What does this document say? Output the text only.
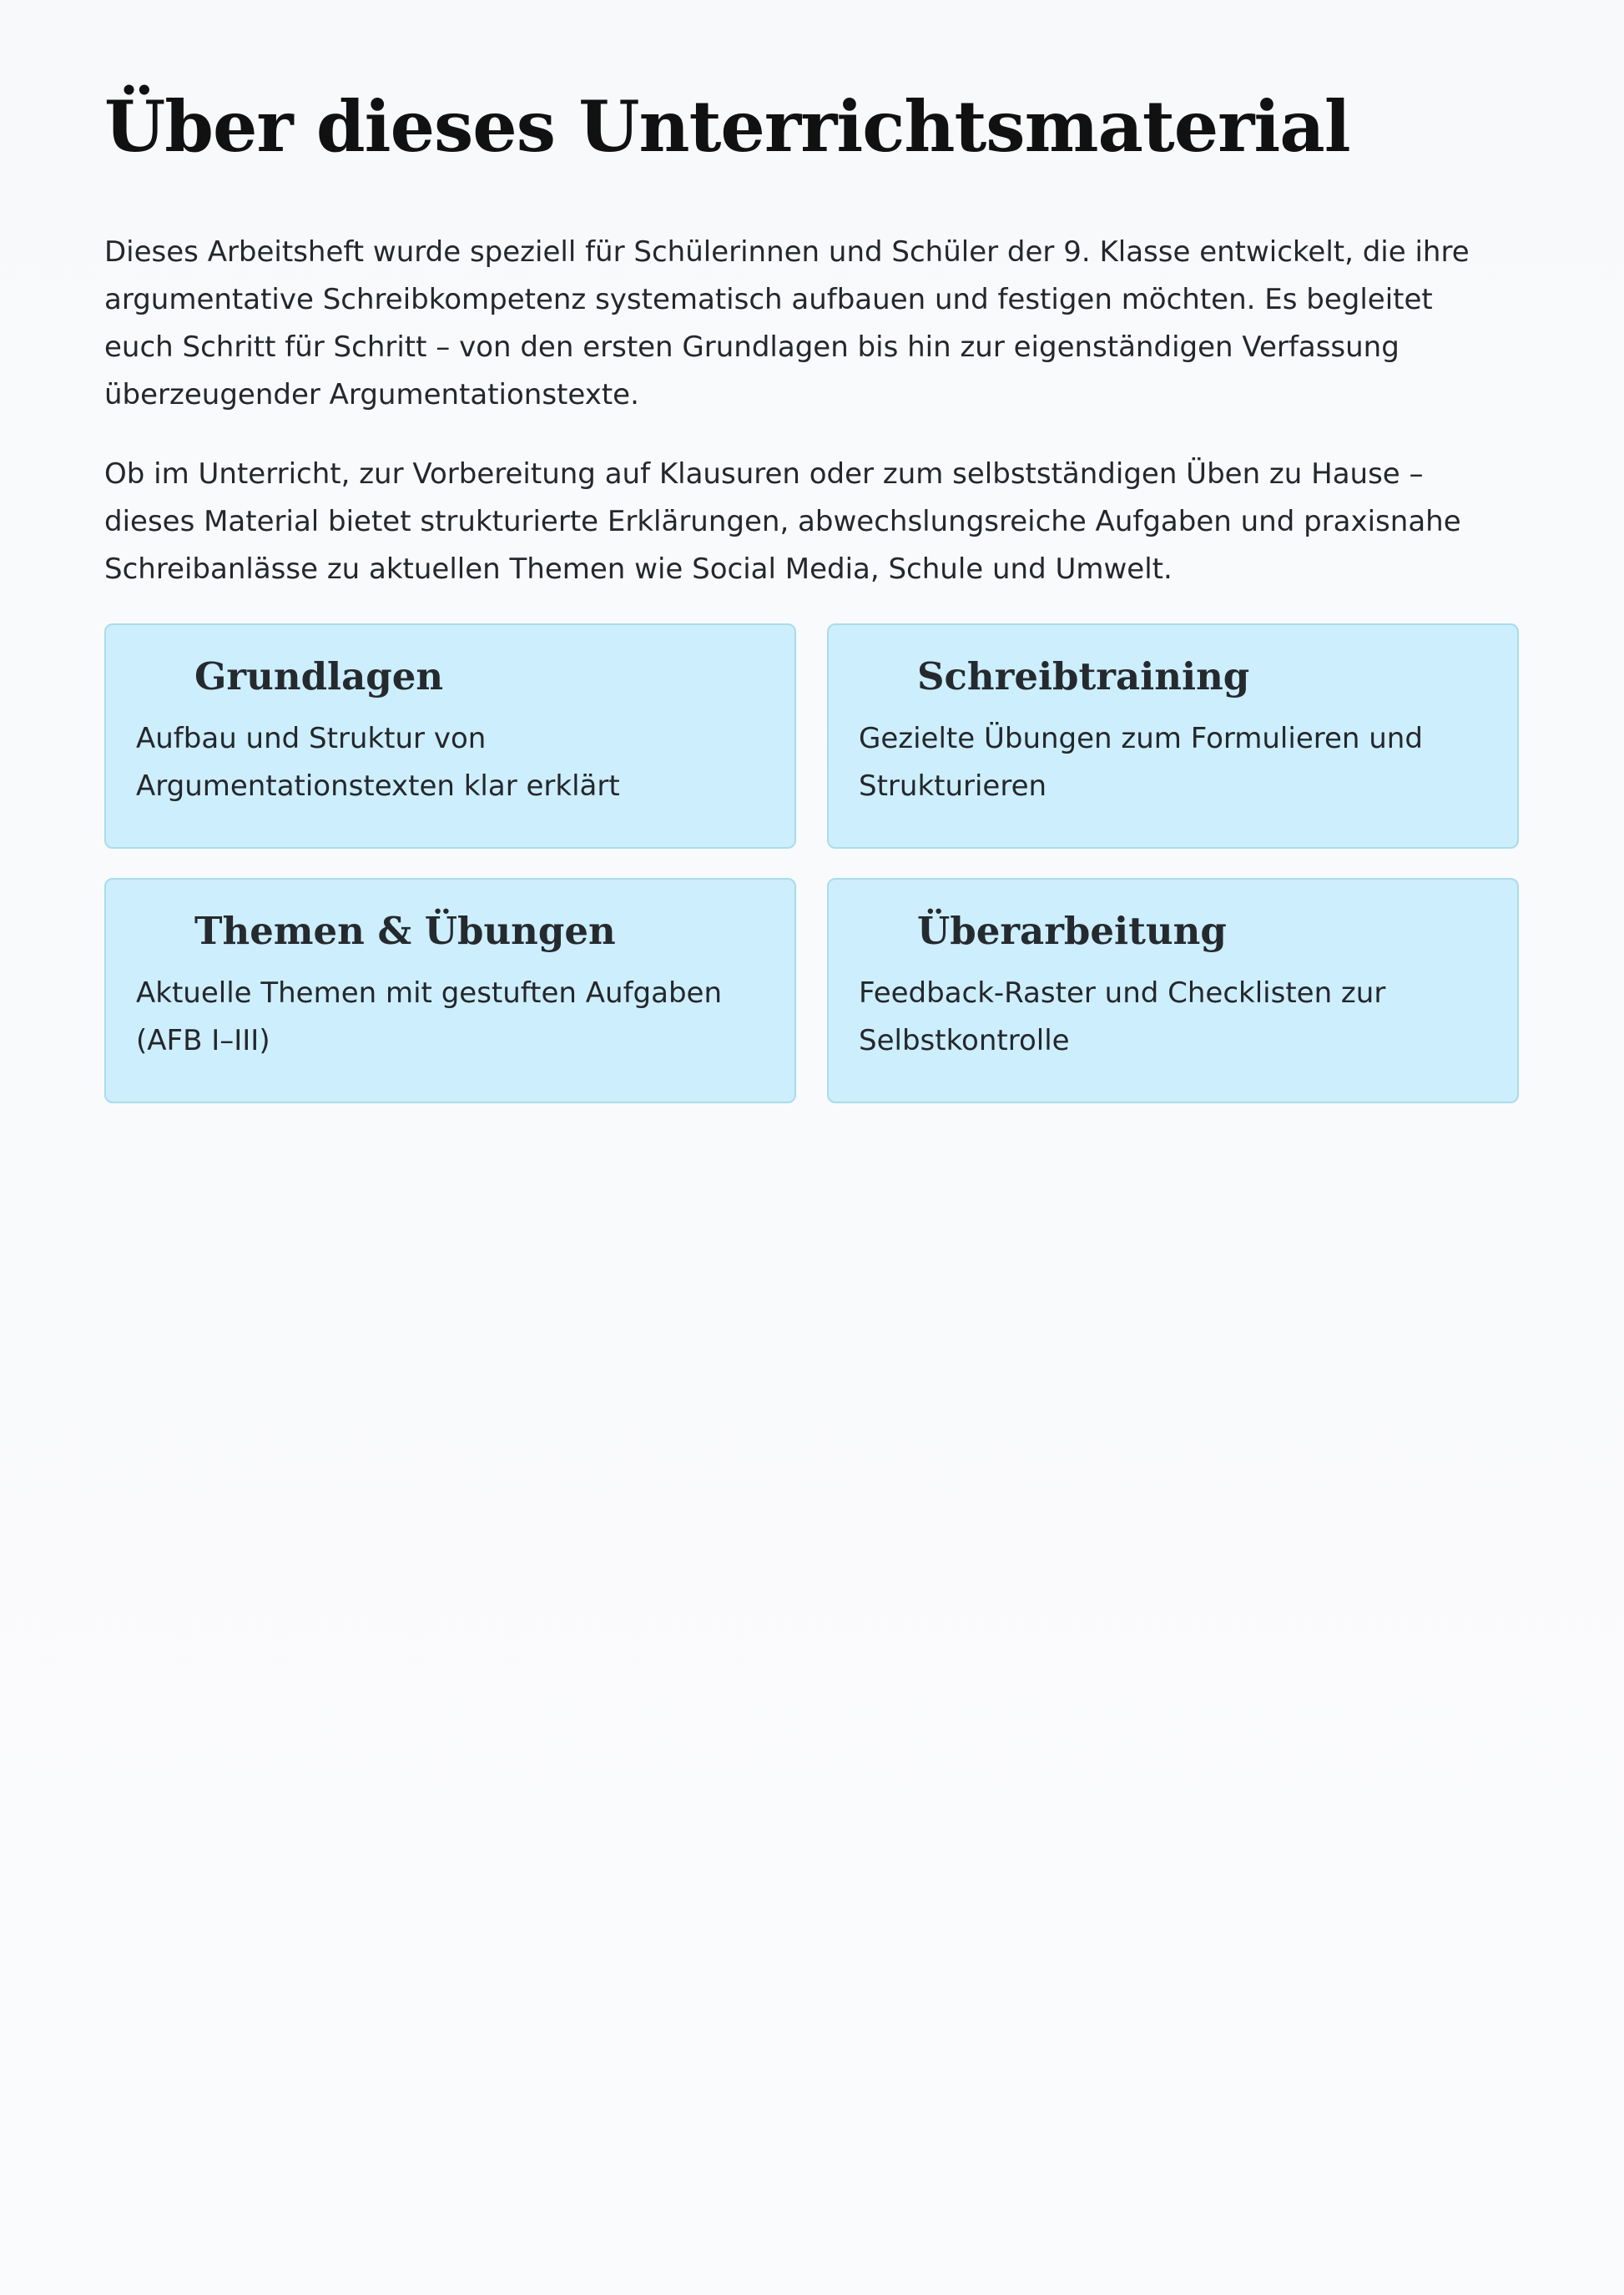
Über dieses Unterrichtsmaterial

Dieses Arbeitsheft wurde speziell für Schülerinnen und Schüler der 9. Klasse entwickelt, die ihre argumentative Schreibkompetenz systematisch aufbauen und festigen möchten. Es begleitet euch Schritt für Schritt – von den ersten Grundlagen bis hin zur eigenständigen Verfassung überzeugender Argumentationstexte.

Ob im Unterricht, zur Vorbereitung auf Klausuren oder zum selbstständigen Üben zu Hause – dieses Material bietet strukturierte Erklärungen, abwechslungsreiche Aufgaben und praxisnahe Schreibanlässe zu aktuellen Themen wie Social Media, Schule und Umwelt.

Grundlagen
Aufbau und Struktur von Argumentationstexten klar erklärt
Schreibtraining
Gezielte Übungen zum Formulieren und Strukturieren
Themen & Übungen
Aktuelle Themen mit gestuften Aufgaben (AFB I–III)
Überarbeitung
Feedback-Raster und Checklisten zur Selbstkontrolle
